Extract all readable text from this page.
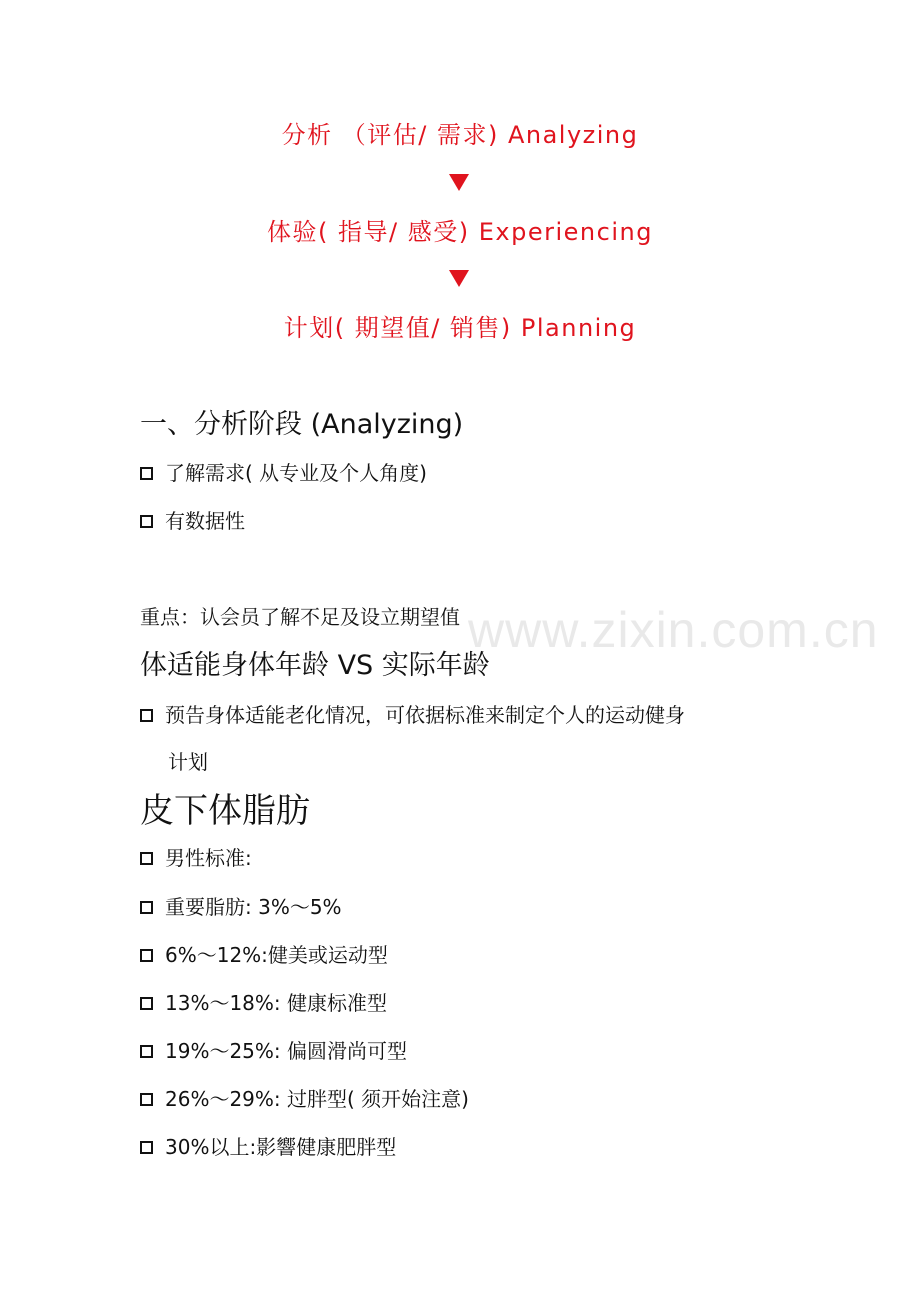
分析 （评估/ 需求) Analyzing
体验( 指导/ 感受) Experiencing
计划( 期望值/ 销售) Planning
www.zixin.com.cn
一、分析阶段 (Analyzing)
了解需求( 从专业及个人角度)
有数据性
重点：认会员了解不足及设立期望值
体适能身体年龄 VS 实际年龄
预告身体适能老化情况，可依据标准来制定个人的运动健身
计划
皮下体脂肪
男性标准:
重要脂肪: 3%～5%
6%～12%:健美或运动型
13%～18%: 健康标准型
19%～25%: 偏圆滑尚可型
26%～29%: 过胖型( 须开始注意)
30%以上:影響健康肥胖型
